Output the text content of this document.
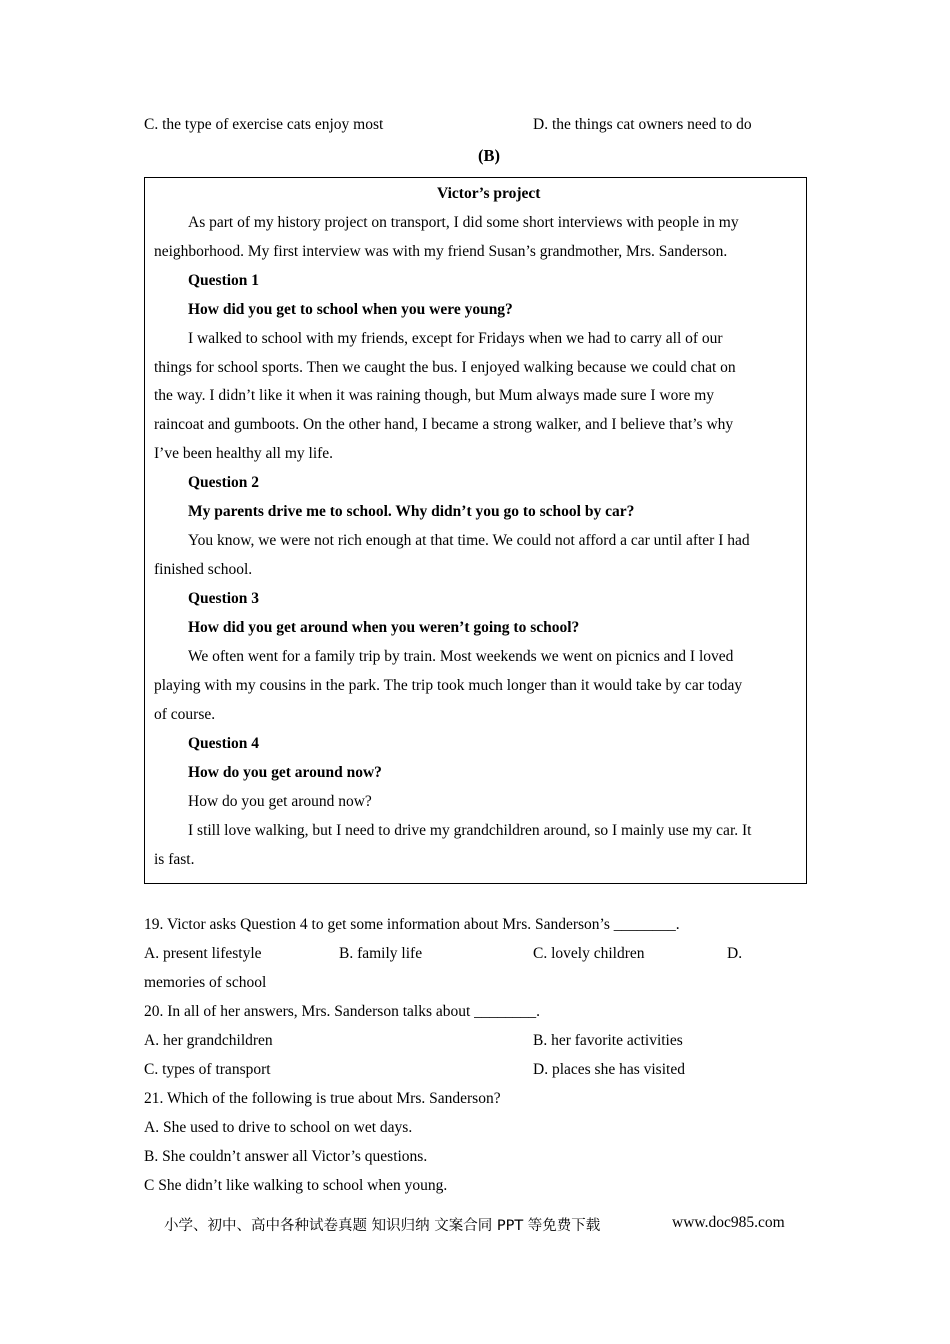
C. the type of exercise cats enjoy most	D. the things cat owners need to do
(B)
Victor’s project
As part of my history project on transport, I did some short interviews with people in my
neighborhood. My first interview was with my friend Susan’s grandmother, Mrs. Sanderson.
Question 1
How did you get to school when you were young?
I walked to school with my friends, except for Fridays when we had to carry all of our
things for school sports. Then we caught the bus. I enjoyed walking because we could chat on
the way. I didn’t like it when it was raining though, but Mum always made sure I wore my
raincoat and gumboots. On the other hand, I became a strong walker, and I believe that’s why
I’ve been healthy all my life.
Question 2
My parents drive me to school. Why didn’t you go to school by car?
You know, we were not rich enough at that time. We could not afford a car until after I had
finished school.
Question 3
How did you get around when you weren’t going to school?
We often went for a family trip by train. Most weekends we went on picnics and I loved
playing with my cousins in the park. The trip took much longer than it would take by car today
of course.
Question 4
How do you get around now?
How do you get around now?
I still love walking, but I need to drive my grandchildren around, so I mainly use my car. It
is fast.
19. Victor asks Question 4 to get some information about Mrs. Sanderson’s ________.
A. present lifestyle	B. family life	C. lovely children	D.
memories of school
20. In all of her answers, Mrs. Sanderson talks about ________.
A. her grandchildren	B. her favorite activities
C. types of transport	D. places she has visited
21. Which of the following is true about Mrs. Sanderson?
A. She used to drive to school on wet days.
B. She couldn’t answer all Victor’s questions.
C She didn’t like walking to school when young.
小学、初中、高中各种试卷真题 知识归纳 文案合同 PPT 等免费下载	www.doc985.com
